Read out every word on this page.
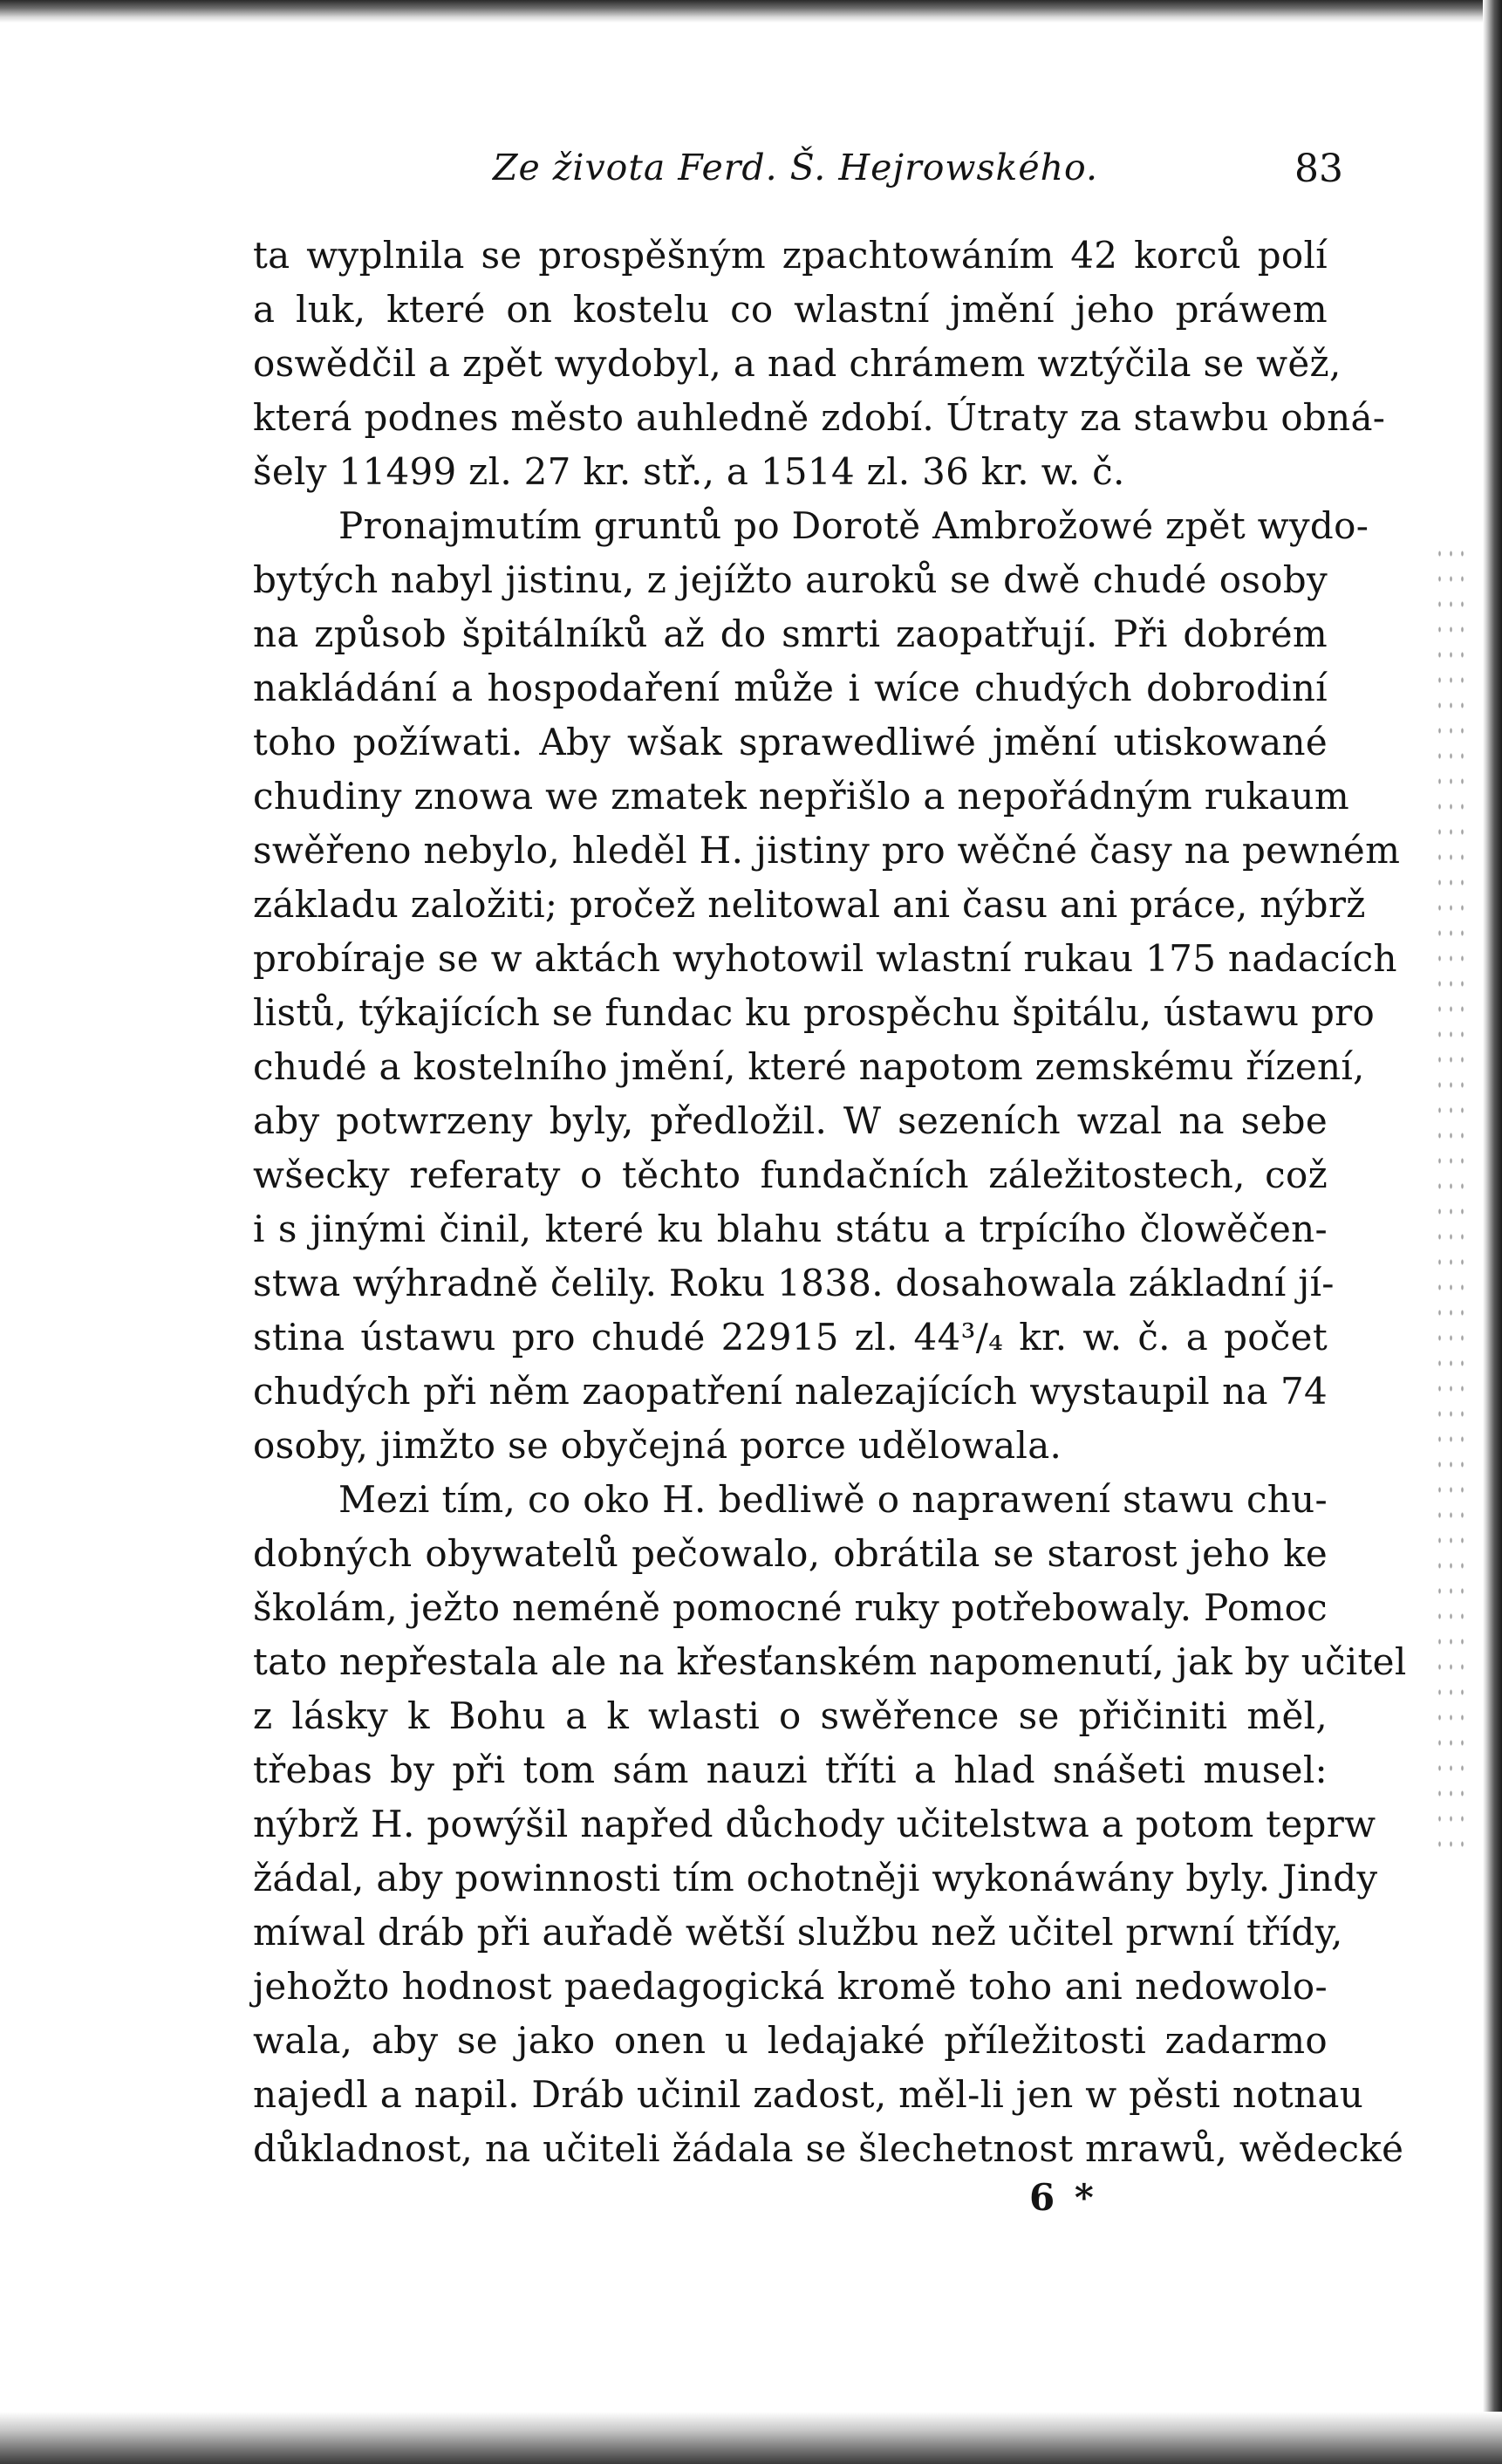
Ze života Ferd. Š. Hejrowského.	83
ta wyplnila se prospěšným zpachtowáním 42 korců polí
a luk, které on kostelu co wlastní jmění jeho práwem
oswědčil a zpět wydobyl, a nad chrámem wztýčila se wěž,
která podnes město auhledně zdobí. Útraty za stawbu obná-
šely 11499 zl. 27 kr. stř., a 1514 zl. 36 kr. w. č.
Pronajmutím gruntů po Dorotě Ambrožowé zpět wydo-
bytých nabyl jistinu, z jejížto auroků se dwě chudé osoby
na způsob špitálníků až do smrti zaopatřují. Při dobrém
nakládání a hospodaření může i wíce chudých dobrodiní
toho požíwati. Aby wšak sprawedliwé jmění utiskowané
chudiny znowa we zmatek nepřišlo a nepořádným rukaum
swěřeno nebylo, hleděl H. jistiny pro wěčné časy na pewném
základu založiti; pročež nelitowal ani času ani práce, nýbrž
probíraje se w aktách wyhotowil wlastní rukau 175 nadacích
listů, týkajících se fundac ku prospěchu špitálu, ústawu pro
chudé a kostelního jmění, které napotom zemskému řízení,
aby potwrzeny byly, předložil. W sezeních wzal na sebe
wšecky referaty o těchto fundačních záležitostech, což
i s jinými činil, které ku blahu státu a trpícího člowěčen-
stwa wýhradně čelily. Roku 1838. dosahowala základní jí-
stina ústawu pro chudé 22915 zl. 44³/₄ kr. w. č. a počet
chudých při něm zaopatření nalezajících wystaupil na 74
osoby, jimžto se obyčejná porce udělowala.
Mezi tím, co oko H. bedliwě o naprawení stawu chu-
dobných obywatelů pečowalo, obrátila se starost jeho ke
školám, ježto neméně pomocné ruky potřebowaly. Pomoc
tato nepřestala ale na křesťanském napomenutí, jak by učitel
z lásky k Bohu a k wlasti o swěřence se přičiniti měl,
třebas by při tom sám nauzi tříti a hlad snášeti musel:
nýbrž H. powýšil napřed důchody učitelstwa a potom teprw
žádal, aby powinnosti tím ochotněji wykonáwány byly. Jindy
míwal dráb při auřadě wětší službu než učitel prwní třídy,
jehožto hodnost paedagogická kromě toho ani nedowolo-
wala, aby se jako onen u ledajaké příležitosti zadarmo
najedl a napil. Dráb učinil zadost, měl-li jen w pěsti notnau
důkladnost, na učiteli žádala se šlechetnost mrawů, wědecké
6 *
